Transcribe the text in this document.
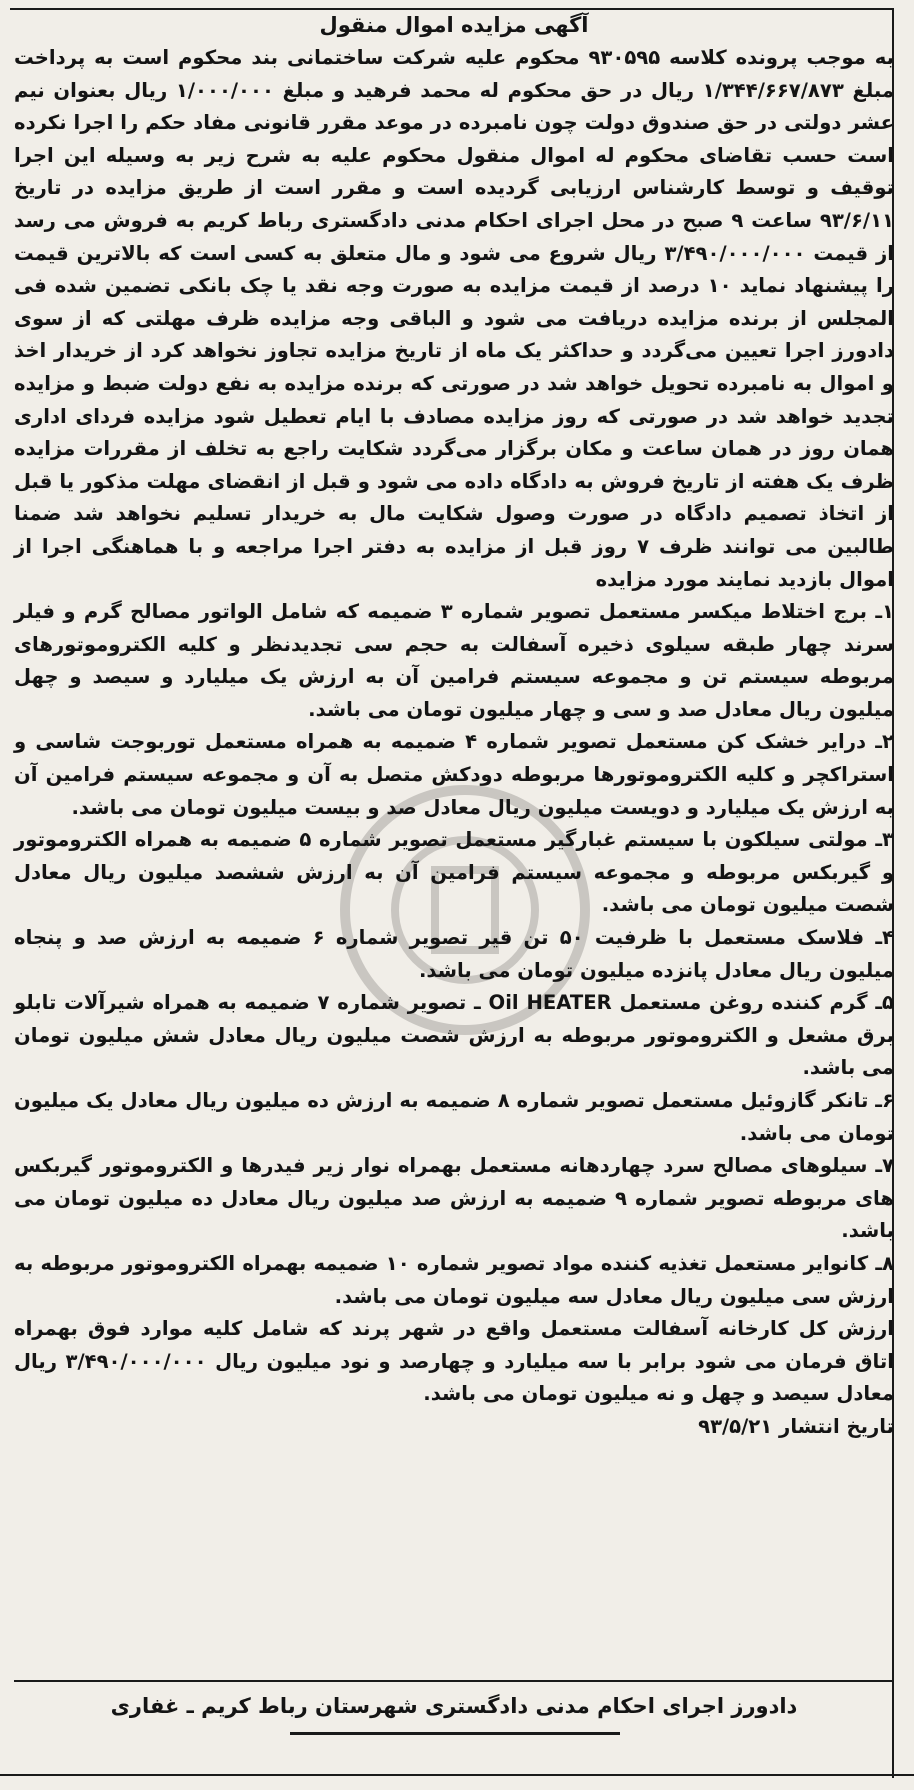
آگهی مزایده اموال منقول

به موجب پرونده کلاسه ۹۳۰۵۹۵ محکوم علیه شرکت ساختمانی بند محکوم است به پرداخت مبلغ ۱/۳۴۴/۶۶۷/۸۷۳ ریال در حق محکوم له محمد فرهید و مبلغ ۱/۰۰۰/۰۰۰ ریال بعنوان نیم عشر دولتی در حق صندوق دولت چون نامبرده در موعد مقرر قانونی مفاد حکم را اجرا نکرده است حسب تقاضای محکوم له اموال منقول محکوم علیه به شرح زیر به وسیله این اجرا توقیف و توسط کارشناس ارزیابی گردیده است و مقرر است از طریق مزایده در تاریخ ۹۳/۶/۱۱ ساعت ۹ صبح در محل اجرای احکام مدنی دادگستری رباط کریم به فروش می رسد از قیمت ۳/۴۹۰/۰۰۰/۰۰۰ ریال شروع می شود و مال متعلق به کسی است که بالاترین قیمت را پیشنهاد نماید ۱۰ درصد از قیمت مزایده به صورت وجه نقد یا چک بانکی تضمین شده فی المجلس از برنده مزایده دریافت می شود و الباقی وجه مزایده ظرف مهلتی که از سوی دادورز اجرا تعیین می‌گردد و حداکثر یک ماه از تاریخ مزایده تجاوز نخواهد کرد از خریدار اخذ و اموال به نامبرده تحویل خواهد شد در صورتی که برنده مزایده به نفع دولت ضبط و مزایده تجدید خواهد شد در صورتی که روز مزایده مصادف با ایام تعطیل شود مزایده فردای اداری همان روز در همان ساعت و مکان برگزار می‌گردد شکایت راجع به تخلف از مقررات مزایده ظرف یک هفته از تاریخ فروش به دادگاه داده می شود و قبل از انقضای مهلت مذکور یا قبل از اتخاذ تصمیم دادگاه در صورت وصول شکایت مال به خریدار تسلیم نخواهد شد ضمنا طالبین می توانند ظرف ۷ روز قبل از مزایده به دفتر اجرا مراجعه و با هماهنگی اجرا از اموال بازدید نمایند مورد مزایده

۱ـ برج اختلاط میکسر مستعمل تصویر شماره ۳ ضمیمه که شامل الواتور مصالح گرم و فیلر سرند چهار طبقه سیلوی ذخیره آسفالت به حجم سی تجدیدنظر و کلیه الکتروموتورهای مربوطه سیستم تن و مجموعه سیستم فرامین آن به ارزش یک میلیارد و سیصد و چهل میلیون ریال معادل صد و سی و چهار میلیون تومان می باشد.

۲ـ درایر خشک کن مستعمل تصویر شماره ۴ ضمیمه به همراه مستعمل توربوجت شاسی و استراکچر و کلیه الکتروموتورها مربوطه دودکش متصل به آن و مجموعه سیستم فرامین آن به ارزش یک میلیارد و دویست میلیون ریال معادل صد و بیست میلیون تومان می باشد.

۳ـ مولتی سیلکون با سیستم غبارگیر مستعمل تصویر شماره ۵ ضمیمه به همراه الکتروموتور و گیربکس مربوطه و مجموعه سیستم فرامین آن به ارزش ششصد میلیون ریال معادل شصت میلیون تومان می باشد.

۴ـ فلاسک مستعمل با ظرفیت ۵۰ تن قیر تصویر شماره ۶ ضمیمه به ارزش صد و پنجاه میلیون ریال معادل پانزده میلیون تومان می باشد.

۵ـ گرم کننده روغن مستعمل Oil HEATER ـ تصویر شماره ۷ ضمیمه به همراه شیرآلات تابلو برق مشعل و الکتروموتور مربوطه به ارزش شصت میلیون ریال معادل شش میلیون تومان می باشد.

۶ـ تانکر گازوئیل مستعمل تصویر شماره ۸ ضمیمه به ارزش ده میلیون ریال معادل یک میلیون تومان می باشد.

۷ـ سیلوهای مصالح سرد چهاردهانه مستعمل بهمراه نوار زیر فیدرها و الکتروموتور گیربکس های مربوطه تصویر شماره ۹ ضمیمه به ارزش صد میلیون ریال معادل ده میلیون تومان می باشد.

۸ـ کانوایر مستعمل تغذیه کننده مواد تصویر شماره ۱۰ ضمیمه بهمراه الکتروموتور مربوطه به ارزش سی میلیون ریال معادل سه میلیون تومان می باشد.

ارزش کل کارخانه آسفالت مستعمل واقع در شهر پرند که شامل کلیه موارد فوق بهمراه اتاق فرمان می شود برابر با سه میلیارد و چهارصد و نود میلیون ریال ۳/۴۹۰/۰۰۰/۰۰۰ ریال معادل سیصد و چهل و نه میلیون تومان می باشد.

تاریخ انتشار ۹۳/۵/۲۱

دادورز اجرای احکام مدنی دادگستری شهرستان رباط کریم ـ غفاری
